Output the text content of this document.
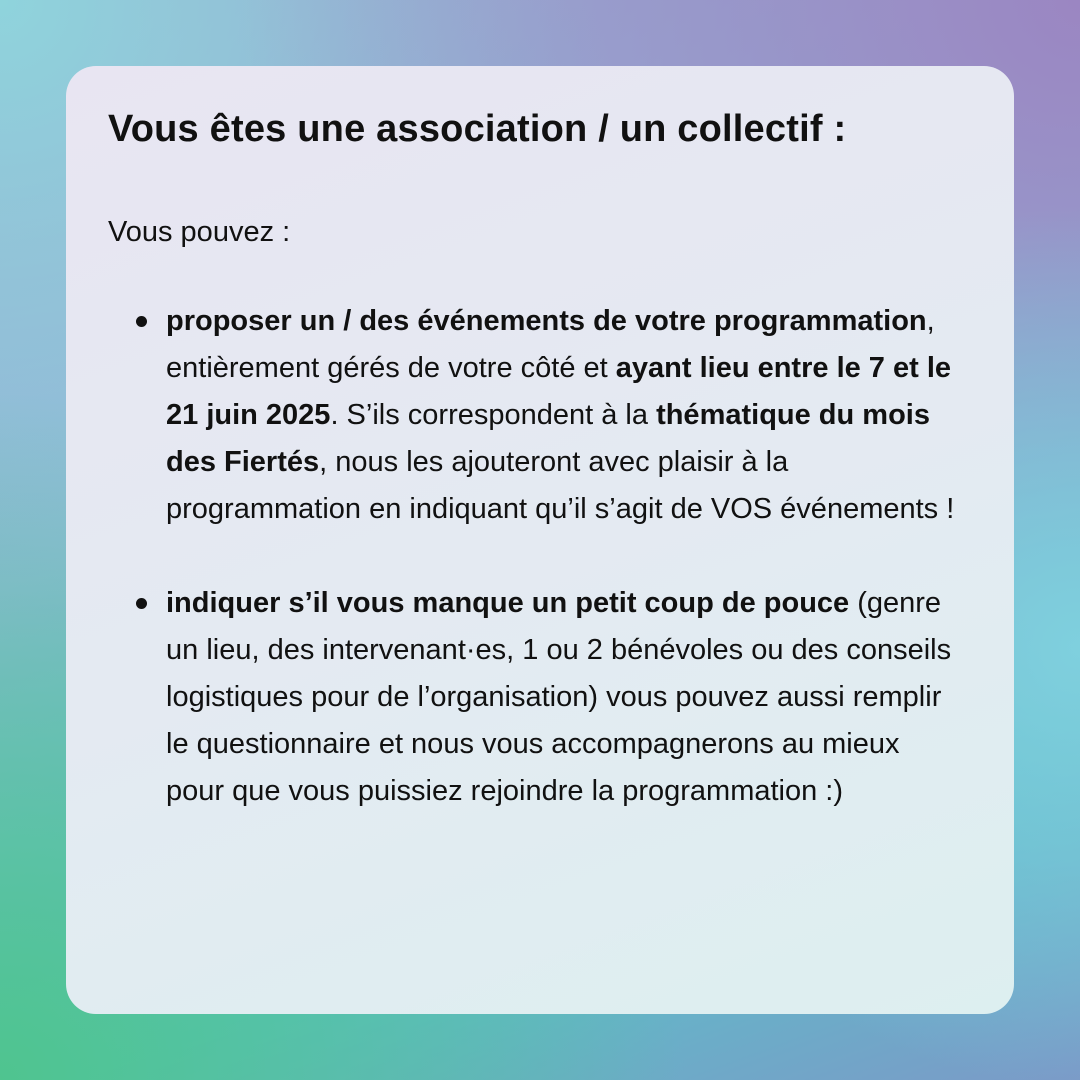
Vous êtes une association / un collectif :

Vous pouvez :

proposer un / des événements de votre programmation, entièrement gérés de votre côté et ayant lieu entre le 7 et le 21 juin 2025. S’ils correspondent à la thématique du mois des Fiertés, nous les ajouteront avec plaisir à la programmation en indiquant qu’il s’agit de VOS événements !
indiquer s’il vous manque un petit coup de pouce (genre un lieu, des intervenant·es, 1 ou 2 bénévoles ou des conseils logistiques pour de l’organisation) vous pouvez aussi remplir le questionnaire et nous vous accompagnerons au mieux pour que vous puissiez rejoindre la programmation :)
